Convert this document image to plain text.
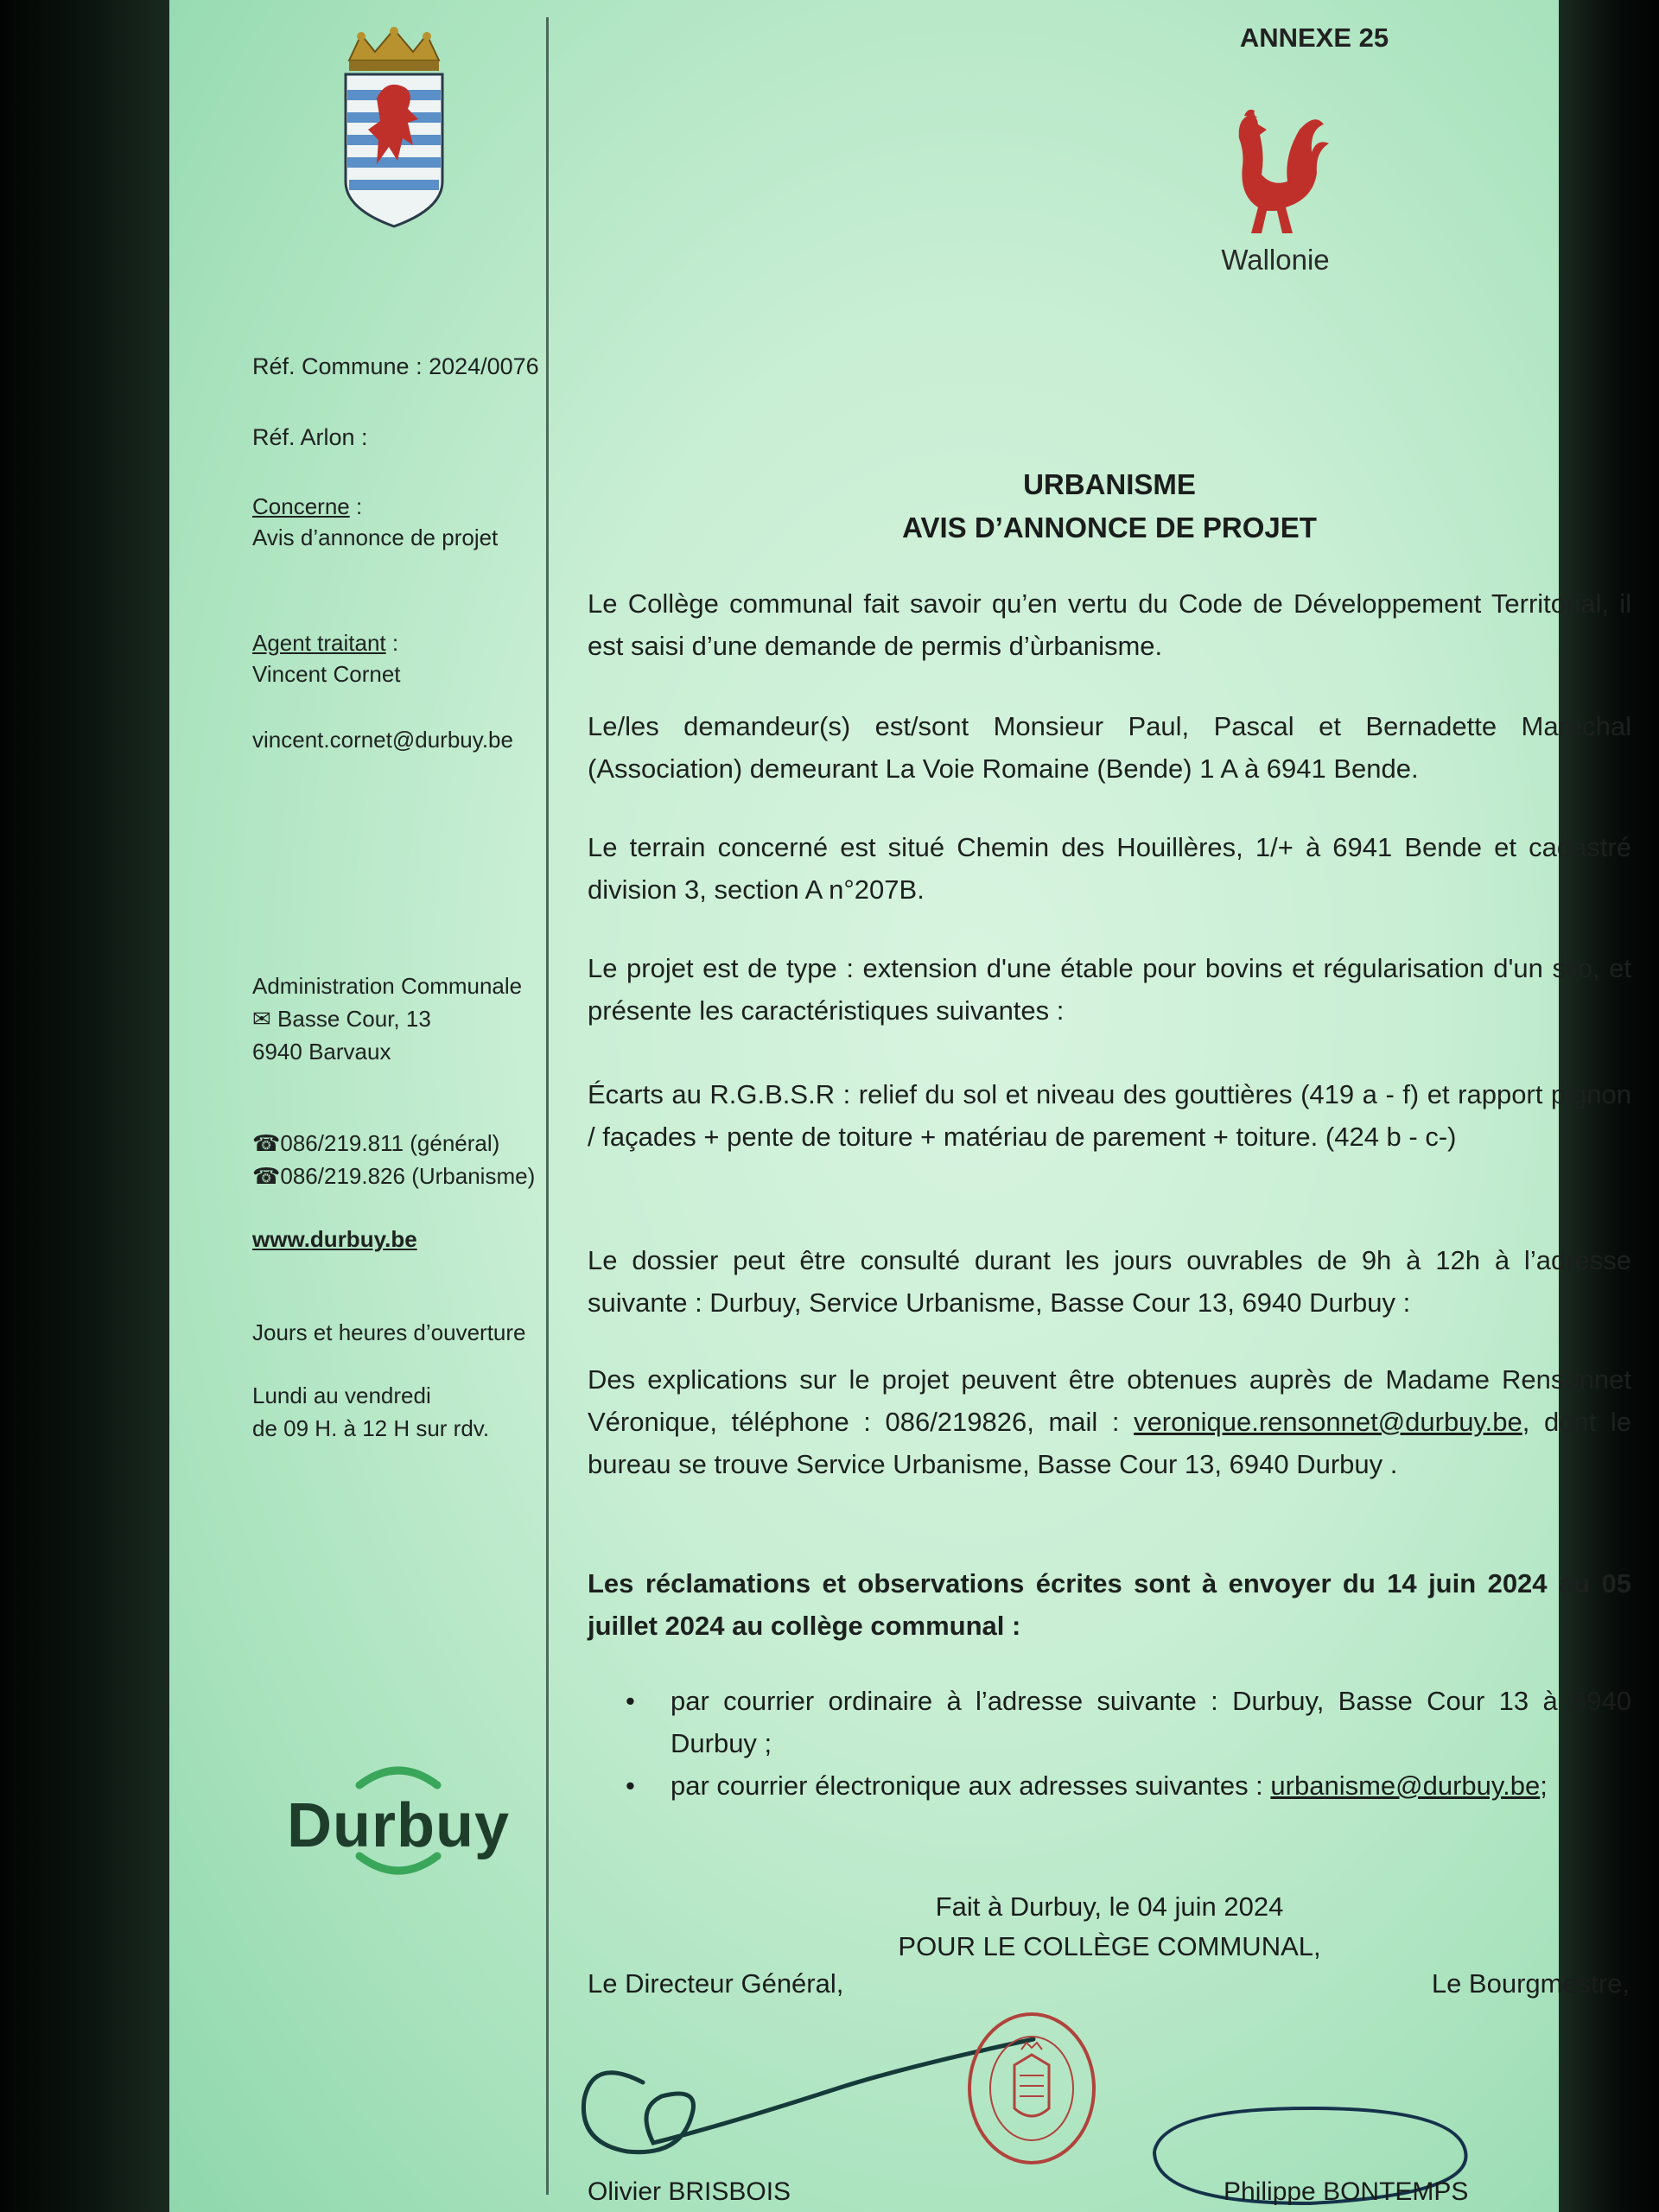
ANNEXE 25
Wallonie
Réf. Commune : 2024/0076
Réf. Arlon :
Concerne :
Avis d’annonce de projet
Agent traitant :
Vincent Cornet
vincent.cornet@durbuy.be
Administration Communale
✉ Basse Cour, 13
6940 Barvaux
☎086/219.811 (général)
☎086/219.826 (Urbanisme)
www.durbuy.be
Jours et heures d’ouverture
Lundi au vendredi
de 09 H. à 12 H sur rdv.
Durbuy
URBANISME
AVIS D’ANNONCE DE PROJET
Le Collège communal fait savoir qu’en vertu du Code de Développement Territorial, il est saisi d’une demande de permis d’ùrbanisme.
Le/les demandeur(s) est/sont Monsieur Paul, Pascal et Bernadette Maréchal (Association) demeurant La Voie Romaine (Bende) 1 A à 6941 Bende.
Le terrain concerné est situé Chemin des Houillères, 1/+ à 6941 Bende et cadastré division 3, section A n°207B.
Le projet est de type : extension d'une étable pour bovins et régularisation d'un silo, et présente les caractéristiques suivantes :
Écarts au R.G.B.S.R : relief du sol et niveau des gouttières (419 a - f) et rapport pignon / façades + pente de toiture + matériau de parement + toiture. (424 b - c-)
Le dossier peut être consulté durant les jours ouvrables de 9h à 12h à l’adresse suivante : Durbuy, Service Urbanisme, Basse Cour 13, 6940 Durbuy :
Des explications sur le projet peuvent être obtenues auprès de Madame Rensonnet Véronique, téléphone : 086/219826, mail : veronique.rensonnet@durbuy.be, dont le bureau se trouve Service Urbanisme, Basse Cour 13, 6940 Durbuy .
Les réclamations et observations écrites sont à envoyer du 14 juin 2024 au 05 juillet 2024 au collège communal :
• par courrier ordinaire à l’adresse suivante : Durbuy, Basse Cour 13 à 6940 Durbuy ;
• par courrier électronique aux adresses suivantes : urbanisme@durbuy.be;
Fait à Durbuy, le 04 juin 2024
POUR LE COLLÈGE COMMUNAL,
Le Directeur Général,	Le Bourgmestre,
Olivier BRISBOIS	Philippe BONTEMPS
